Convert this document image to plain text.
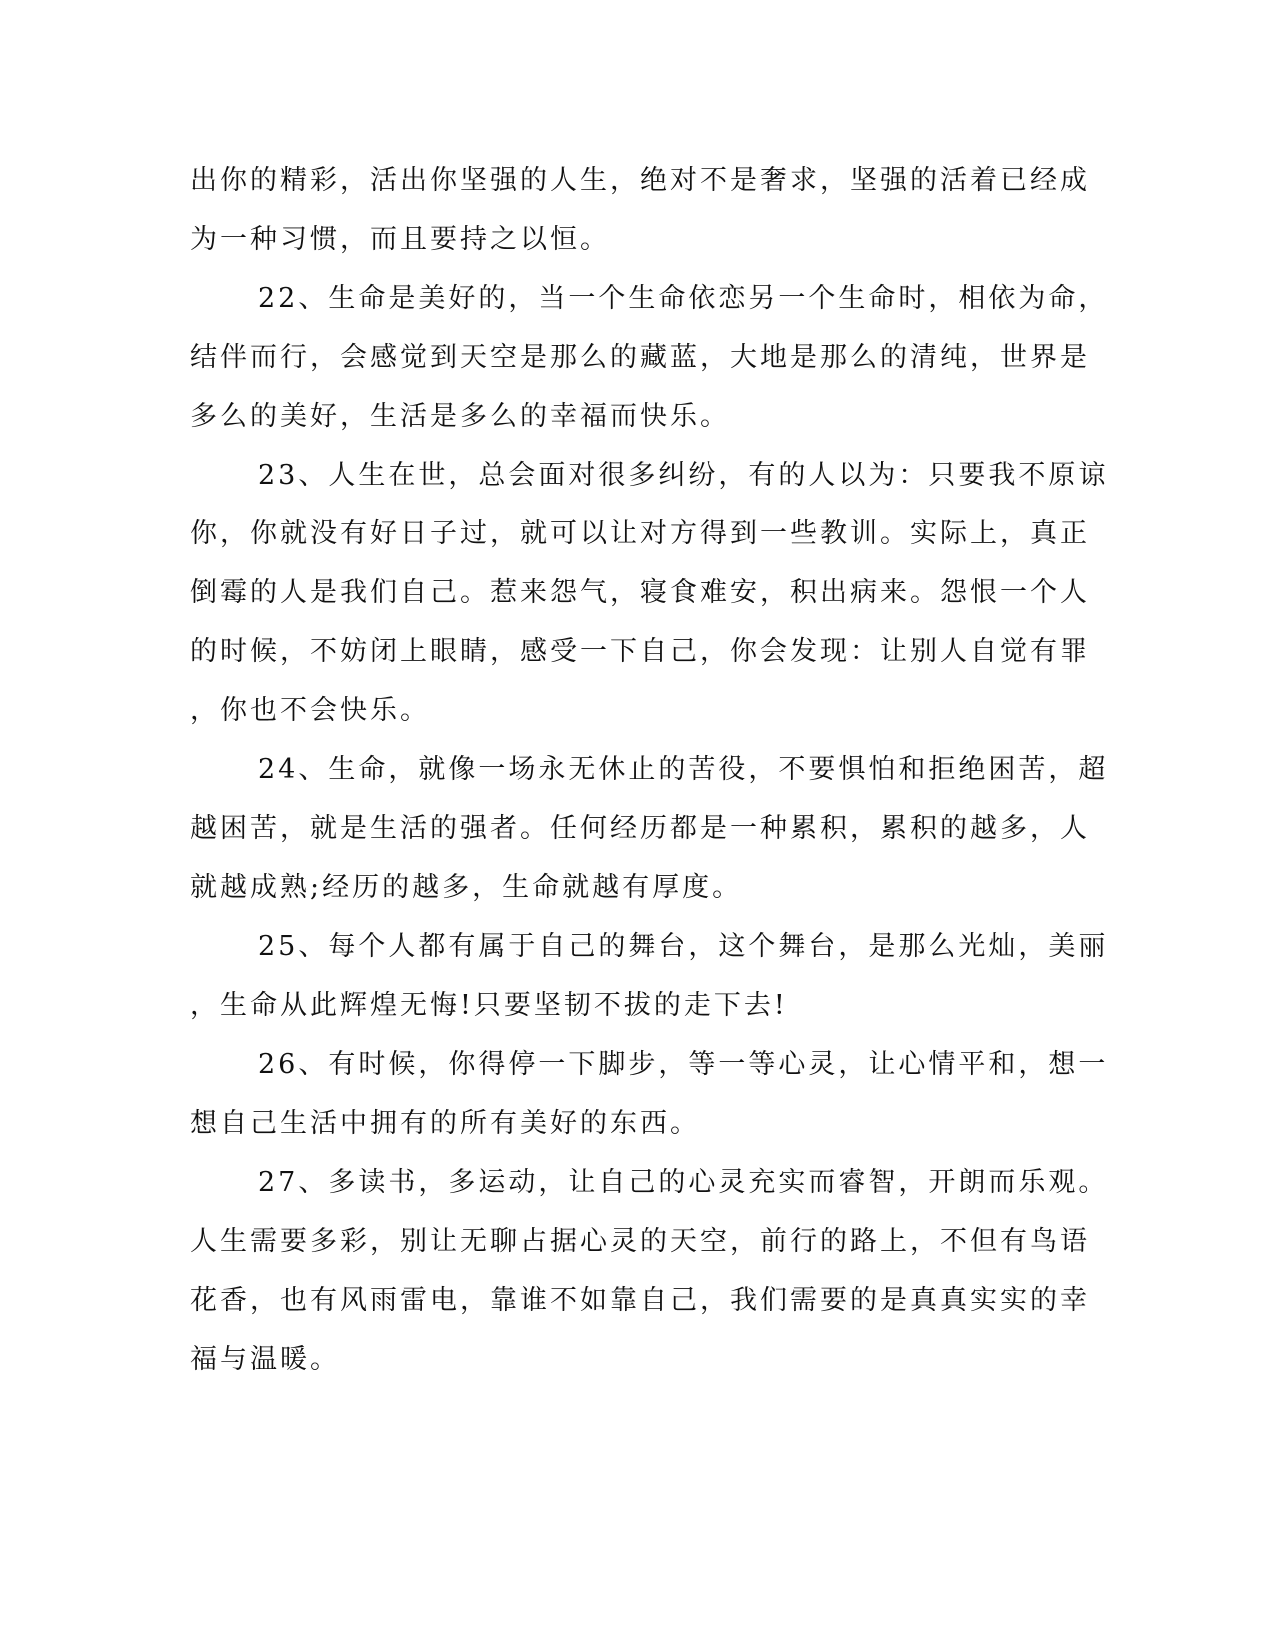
出你的精彩，活出你坚强的人生，绝对不是奢求，坚强的活着已经成
为一种习惯，而且要持之以恒。
22、生命是美好的，当一个生命依恋另一个生命时，相依为命，
结伴而行，会感觉到天空是那么的藏蓝，大地是那么的清纯，世界是
多么的美好，生活是多么的幸福而快乐。
23、人生在世，总会面对很多纠纷，有的人以为：只要我不原谅
你，你就没有好日子过，就可以让对方得到一些教训。实际上，真正
倒霉的人是我们自己。惹来怨气，寝食难安，积出病来。怨恨一个人
的时候，不妨闭上眼睛，感受一下自己，你会发现：让别人自觉有罪
，你也不会快乐。
24、生命，就像一场永无休止的苦役，不要惧怕和拒绝困苦，超
越困苦，就是生活的强者。任何经历都是一种累积，累积的越多，人
就越成熟;经历的越多，生命就越有厚度。
25、每个人都有属于自己的舞台，这个舞台，是那么光灿，美丽
，生命从此辉煌无悔!只要坚韧不拔的走下去!
26、有时候，你得停一下脚步，等一等心灵，让心情平和，想一
想自己生活中拥有的所有美好的东西。
27、多读书，多运动，让自己的心灵充实而睿智，开朗而乐观。
人生需要多彩，别让无聊占据心灵的天空，前行的路上，不但有鸟语
花香，也有风雨雷电，靠谁不如靠自己，我们需要的是真真实实的幸
福与温暖。
